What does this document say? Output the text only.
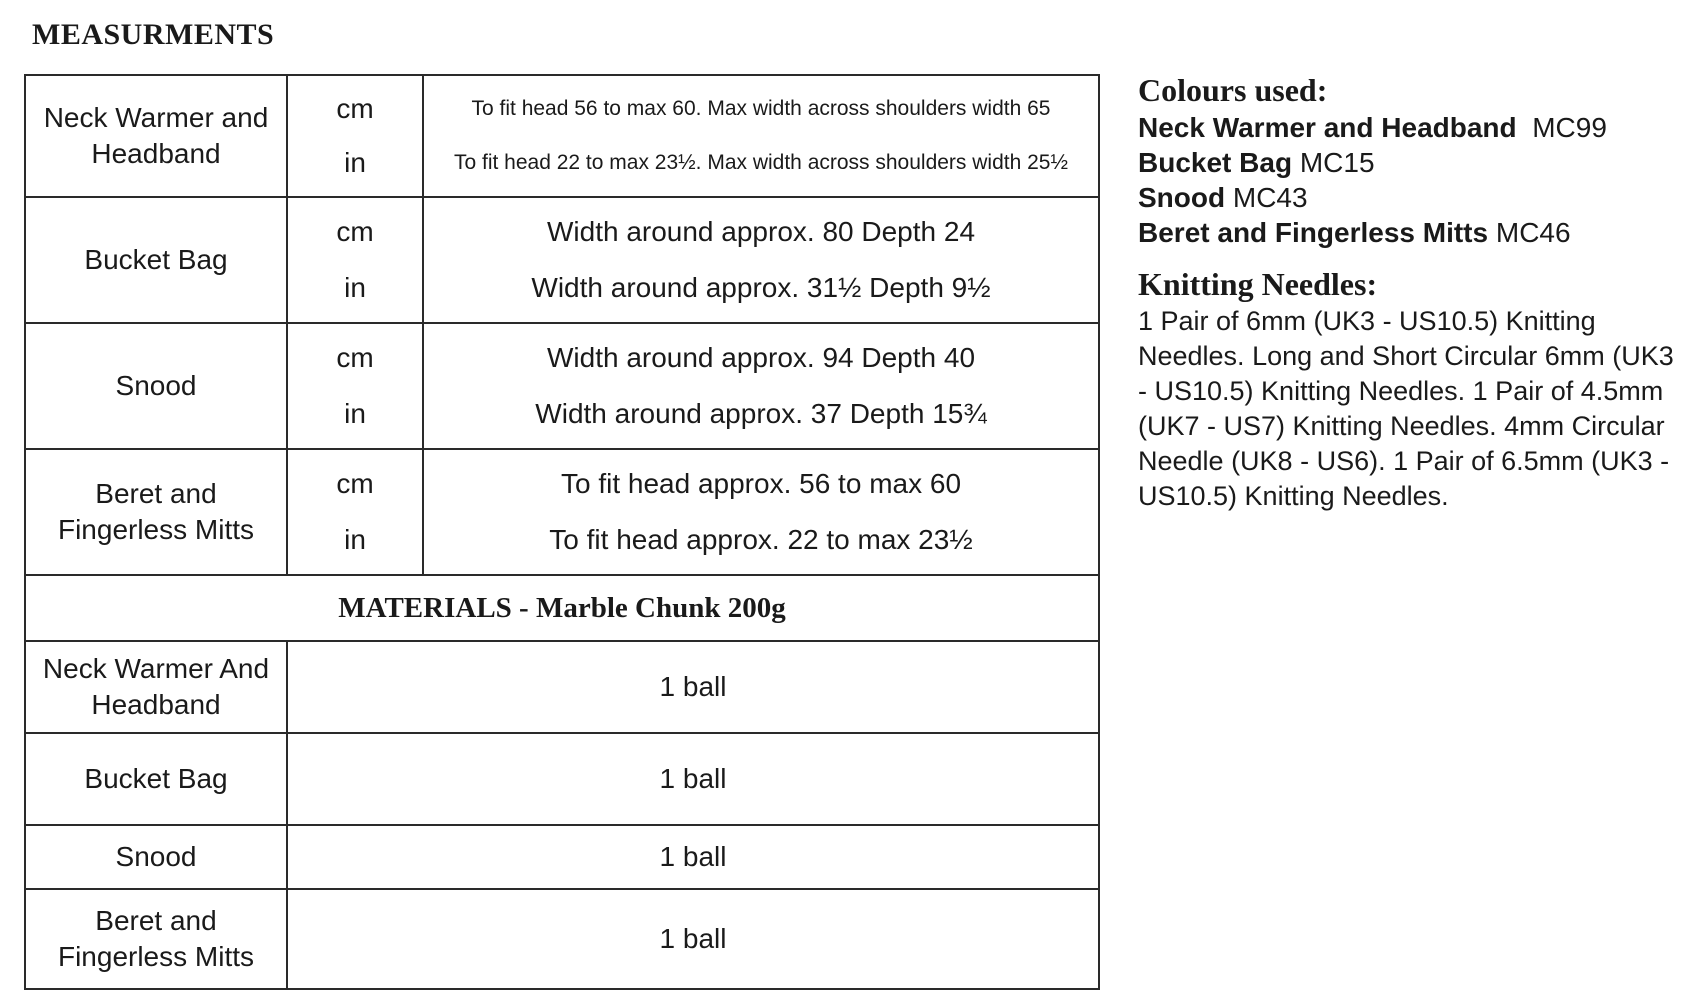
MEASURMENTS
Neck Warmer and Headband
cm
in
To fit head 56 to max 60. Max width across shoulders width 65
To fit head 22 to max 23½. Max width across shoulders width 25½
Bucket Bag
cm
in
Width around approx. 80 Depth 24
Width around approx. 31½ Depth 9½
Snood
cm
in
Width around approx. 94 Depth 40
Width around approx. 37 Depth 15¾
Beret and Fingerless Mitts
cm
in
To fit head approx. 56 to max 60
To fit head approx. 22 to max 23½
MATERIALS - Marble Chunk 200g
Neck Warmer And Headband
1 ball
Bucket Bag	1 ball
Snood	1 ball
Beret and Fingerless Mitts
1 ball
Colours used:
Neck Warmer and Headband MC99
Bucket Bag MC15
Snood MC43
Beret and Fingerless Mitts MC46
Knitting Needles:
1 Pair of 6mm (UK3 - US10.5) Knitting Needles. Long and Short Circular 6mm (UK3 - US10.5) Knitting Needles. 1 Pair of 4.5mm (UK7 - US7) Knitting Needles. 4mm Circular Needle (UK8 - US6). 1 Pair of 6.5mm (UK3 - US10.5) Knitting Needles.
